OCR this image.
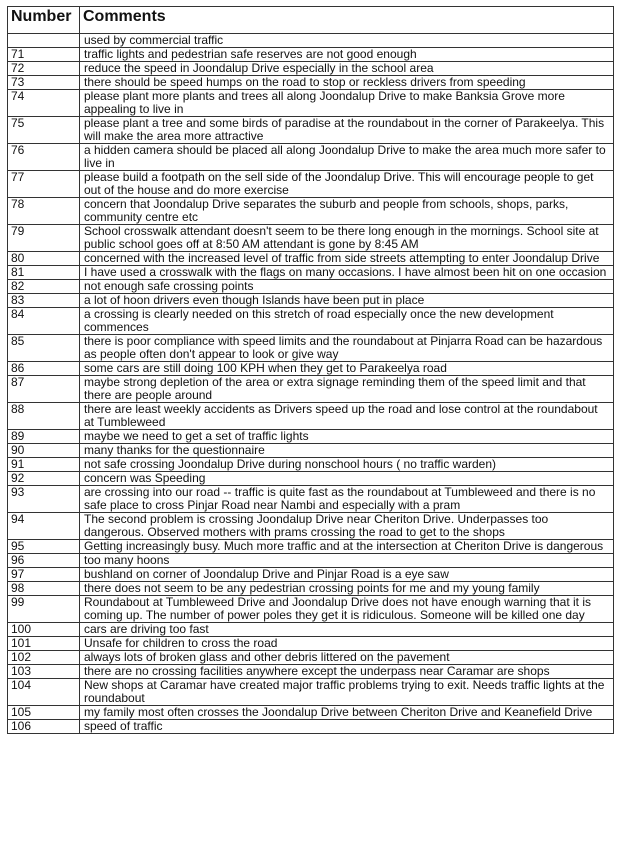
Number	Comments
	used by commercial traffic
71	traffic lights and pedestrian safe reserves are not good enough
72	reduce the speed in Joondalup Drive especially in the school area
73	there should be speed humps on the road to stop or reckless drivers from speeding
74	please plant more plants and trees all along Joondalup Drive to make Banksia Grove more appealing to live in
75	please plant a tree and some birds of paradise at the roundabout in the corner of Parakeelya. This will make the area more attractive
76	a hidden camera should be placed all along Joondalup Drive to make the area much more safer to live in
77	please build a footpath on the sell side of the Joondalup Drive. This will encourage people to get out of the house and do more exercise
78	concern that Joondalup Drive separates the suburb and people from schools, shops, parks, community centre etc
79	School crosswalk attendant doesn't seem to be there long enough in the mornings. School site at public school goes off at 8:50 AM attendant is gone by 8:45 AM
80	concerned with the increased level of traffic from side streets attempting to enter Joondalup Drive
81	I have used a crosswalk with the flags on many occasions. I have almost been hit on one occasion
82	not enough safe crossing points
83	a lot of hoon drivers even though Islands have been put in place
84	a crossing is clearly needed on this stretch of road especially once the new development commences
85	there is poor compliance with speed limits and the roundabout at Pinjarra Road can be hazardous as people often don't appear to look or give way
86	some cars are still doing 100 KPH when they get to Parakeelya road
87	maybe strong depletion of the area or extra signage reminding them of the speed limit and that there are people around
88	there are least weekly accidents as Drivers speed up the road and lose control at the roundabout at Tumbleweed
89	maybe we need to get a set of traffic lights
90	many thanks for the questionnaire
91	not safe crossing Joondalup Drive during nonschool hours ( no traffic warden)
92	concern was Speeding
93	are crossing into our road -- traffic is quite fast as the roundabout at Tumbleweed and there is no safe place to cross Pinjar Road near Nambi and especially with a pram
94	The second problem is crossing Joondalup Drive near Cheriton Drive. Underpasses too dangerous. Observed mothers with prams crossing the road to get to the shops
95	Getting increasingly busy. Much more traffic and at the intersection at Cheriton Drive is dangerous
96	too many hoons
97	bushland on corner of Joondalup Drive and Pinjar Road is a eye saw
98	there does not seem to be any pedestrian crossing points for me and my young family
99	Roundabout at Tumbleweed Drive and Joondalup Drive does not have enough warning that it is coming up. The number of power poles they get it is ridiculous. Someone will be killed one day
100	cars are driving too fast
101	Unsafe for children to cross the road
102	always lots of broken glass and other debris littered on the pavement
103	there are no crossing facilities anywhere except the underpass near Caramar are shops
104	New shops at Caramar have created major traffic problems trying to exit. Needs traffic lights at the roundabout
105	my family most often crosses the Joondalup Drive between Cheriton Drive and Keanefield Drive
106	speed of traffic
